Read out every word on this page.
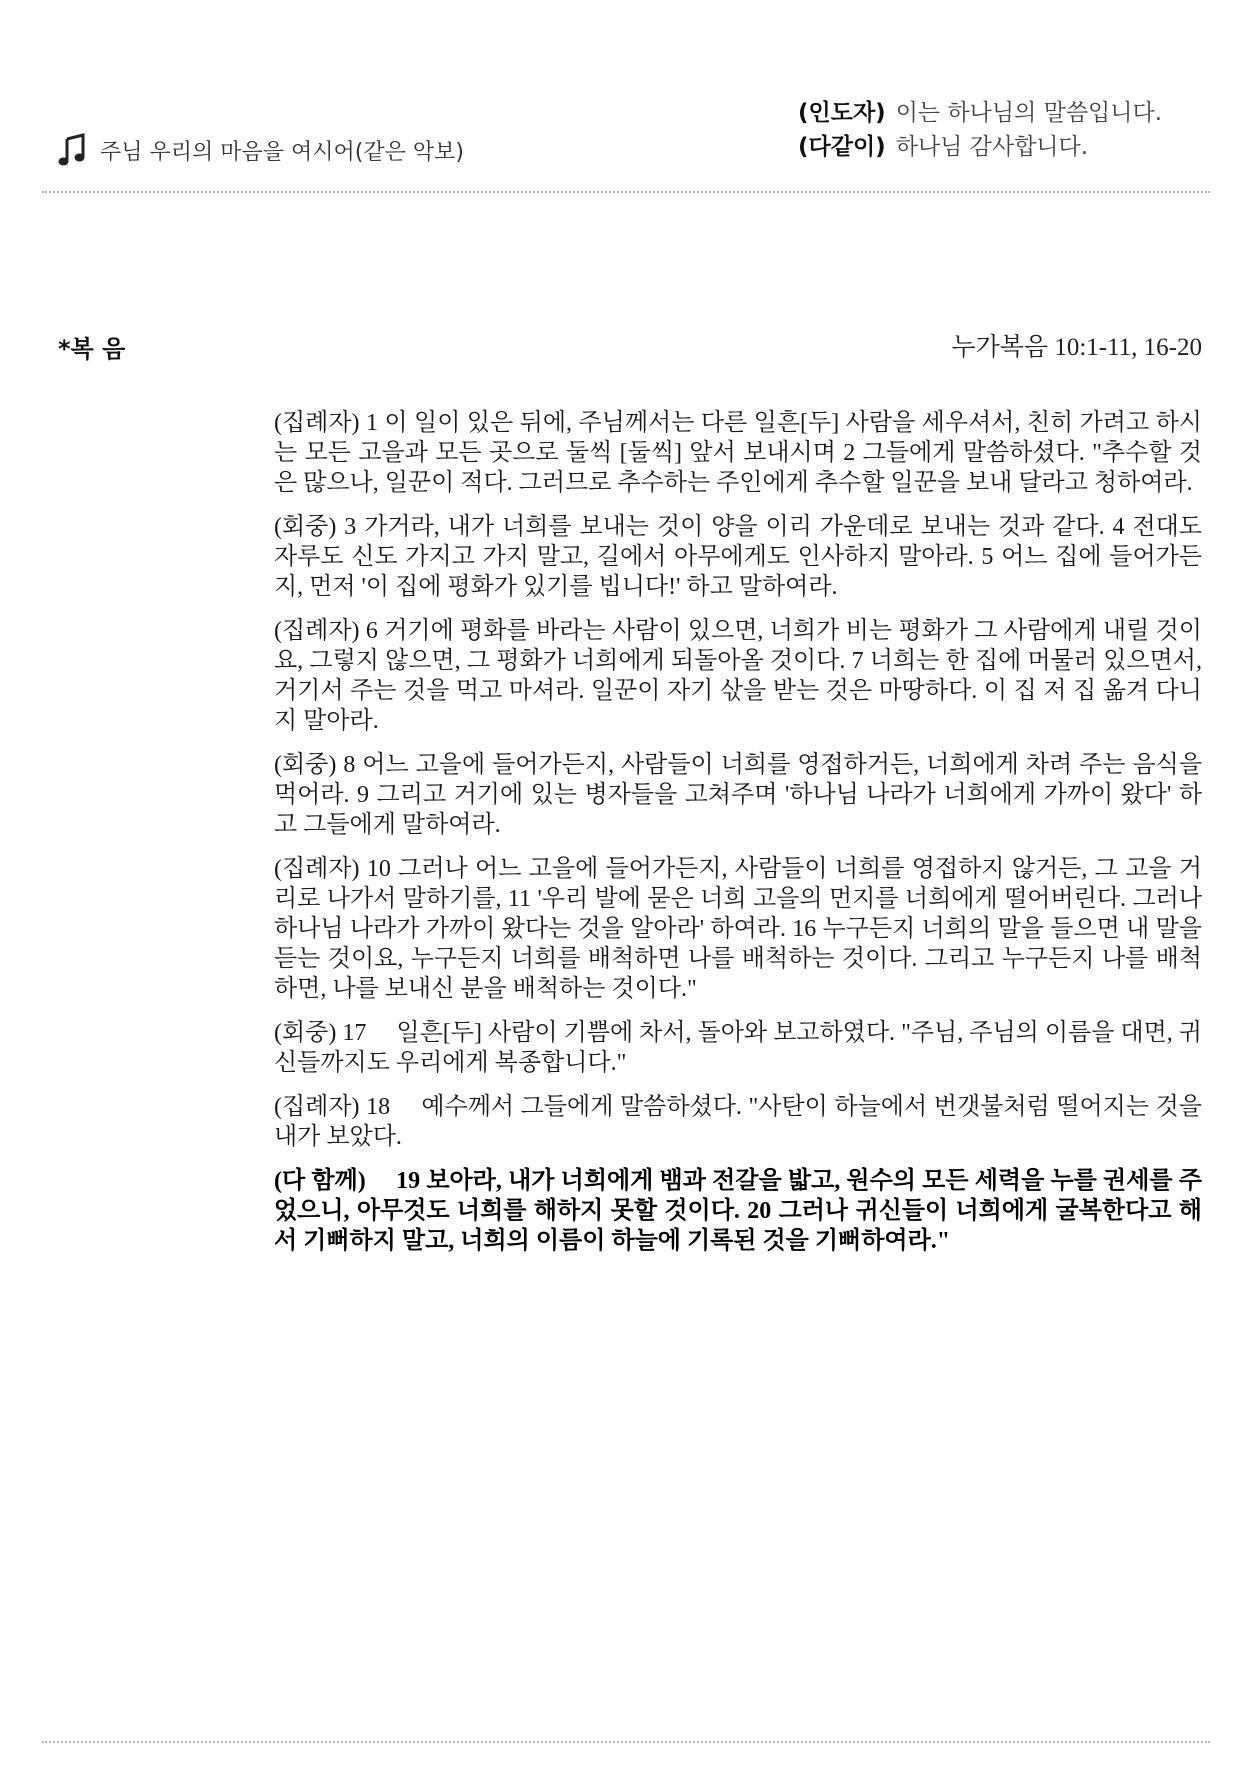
주님 우리의 마음을 여시어(같은 악보)
(인도자) 이는 하나님의 말씀입니다.
(다같이) 하나님 감사합니다.
*복 음	누가복음 10:1-11, 16-20

(집례자) 1 이 일이 있은 뒤에, 주님께서는 다른 일흔[두] 사람을 세우셔서, 친히 가려고 하시는 모든 고을과 모든 곳으로 둘씩 [둘씩] 앞서 보내시며 2 그들에게 말씀하셨다. "추수할 것은 많으나, 일꾼이 적다. 그러므로 추수하는 주인에게 추수할 일꾼을 보내 달라고 청하여라.

(회중) 3 가거라, 내가 너희를 보내는 것이 양을 이리 가운데로 보내는 것과 같다. 4 전대도 자루도 신도 가지고 가지 말고, 길에서 아무에게도 인사하지 말아라. 5 어느 집에 들어가든지, 먼저 '이 집에 평화가 있기를 빕니다!' 하고 말하여라.

(집례자) 6 거기에 평화를 바라는 사람이 있으면, 너희가 비는 평화가 그 사람에게 내릴 것이요, 그렇지 않으면, 그 평화가 너희에게 되돌아올 것이다. 7 너희는 한 집에 머물러 있으면서, 거기서 주는 것을 먹고 마셔라. 일꾼이 자기 삯을 받는 것은 마땅하다. 이 집 저 집 옮겨 다니지 말아라.

(회중) 8 어느 고을에 들어가든지, 사람들이 너희를 영접하거든, 너희에게 차려 주는 음식을 먹어라. 9 그리고 거기에 있는 병자들을 고쳐주며 '하나님 나라가 너희에게 가까이 왔다' 하고 그들에게 말하여라.

(집례자) 10 그러나 어느 고을에 들어가든지, 사람들이 너희를 영접하지 않거든, 그 고을 거리로 나가서 말하기를, 11 '우리 발에 묻은 너희 고을의 먼지를 너희에게 떨어버린다. 그러나 하나님 나라가 가까이 왔다는 것을 알아라' 하여라. 16 누구든지 너희의 말을 들으면 내 말을 듣는 것이요, 누구든지 너희를 배척하면 나를 배척하는 것이다. 그리고 누구든지 나를 배척하면, 나를 보내신 분을 배척하는 것이다."

(회중) 17 　일흔[두] 사람이 기쁨에 차서, 돌아와 보고하였다. "주님, 주님의 이름을 대면, 귀신들까지도 우리에게 복종합니다."

(집례자) 18 　예수께서 그들에게 말씀하셨다. "사탄이 하늘에서 번갯불처럼 떨어지는 것을 내가 보았다.

(다 함께) 　19 보아라, 내가 너희에게 뱀과 전갈을 밟고, 원수의 모든 세력을 누를 권세를 주었으니, 아무것도 너희를 해하지 못할 것이다. 20 그러나 귀신들이 너희에게 굴복한다고 해서 기뻐하지 말고, 너희의 이름이 하늘에 기록된 것을 기뻐하여라."
